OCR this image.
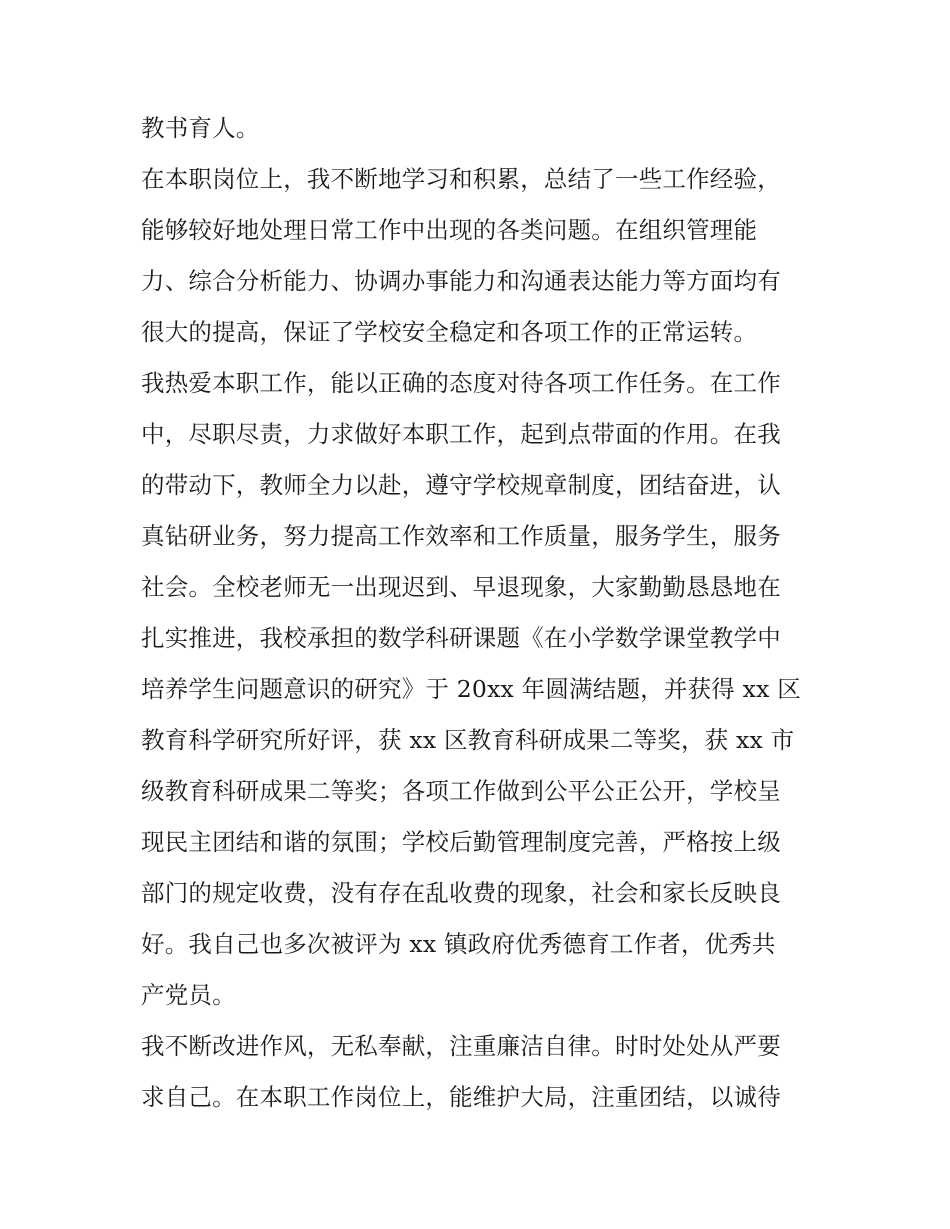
教书育人。
在本职岗位上，我不断地学习和积累，总结了一些工作经验，
能够较好地处理日常工作中出现的各类问题。在组织管理能
力、综合分析能力、协调办事能力和沟通表达能力等方面均有
很大的提高，保证了学校安全稳定和各项工作的正常运转。
我热爱本职工作，能以正确的态度对待各项工作任务。在工作
中，尽职尽责，力求做好本职工作，起到点带面的作用。在我
的带动下，教师全力以赴，遵守学校规章制度，团结奋进，认
真钻研业务，努力提高工作效率和工作质量，服务学生，服务
社会。全校老师无一出现迟到、早退现象，大家勤勤恳恳地在
扎实推进，我校承担的数学科研课题《在小学数学课堂教学中
培养学生问题意识的研究》于 20xx 年圆满结题，并获得 xx 区
教育科学研究所好评，获 xx 区教育科研成果二等奖，获 xx 市
级教育科研成果二等奖；各项工作做到公平公正公开，学校呈
现民主团结和谐的氛围；学校后勤管理制度完善，严格按上级
部门的规定收费，没有存在乱收费的现象，社会和家长反映良
好。我自己也多次被评为 xx 镇政府优秀德育工作者，优秀共
产党员。
我不断改进作风，无私奉献，注重廉洁自律。时时处处从严要
求自己。在本职工作岗位上，能维护大局，注重团结，以诚待
